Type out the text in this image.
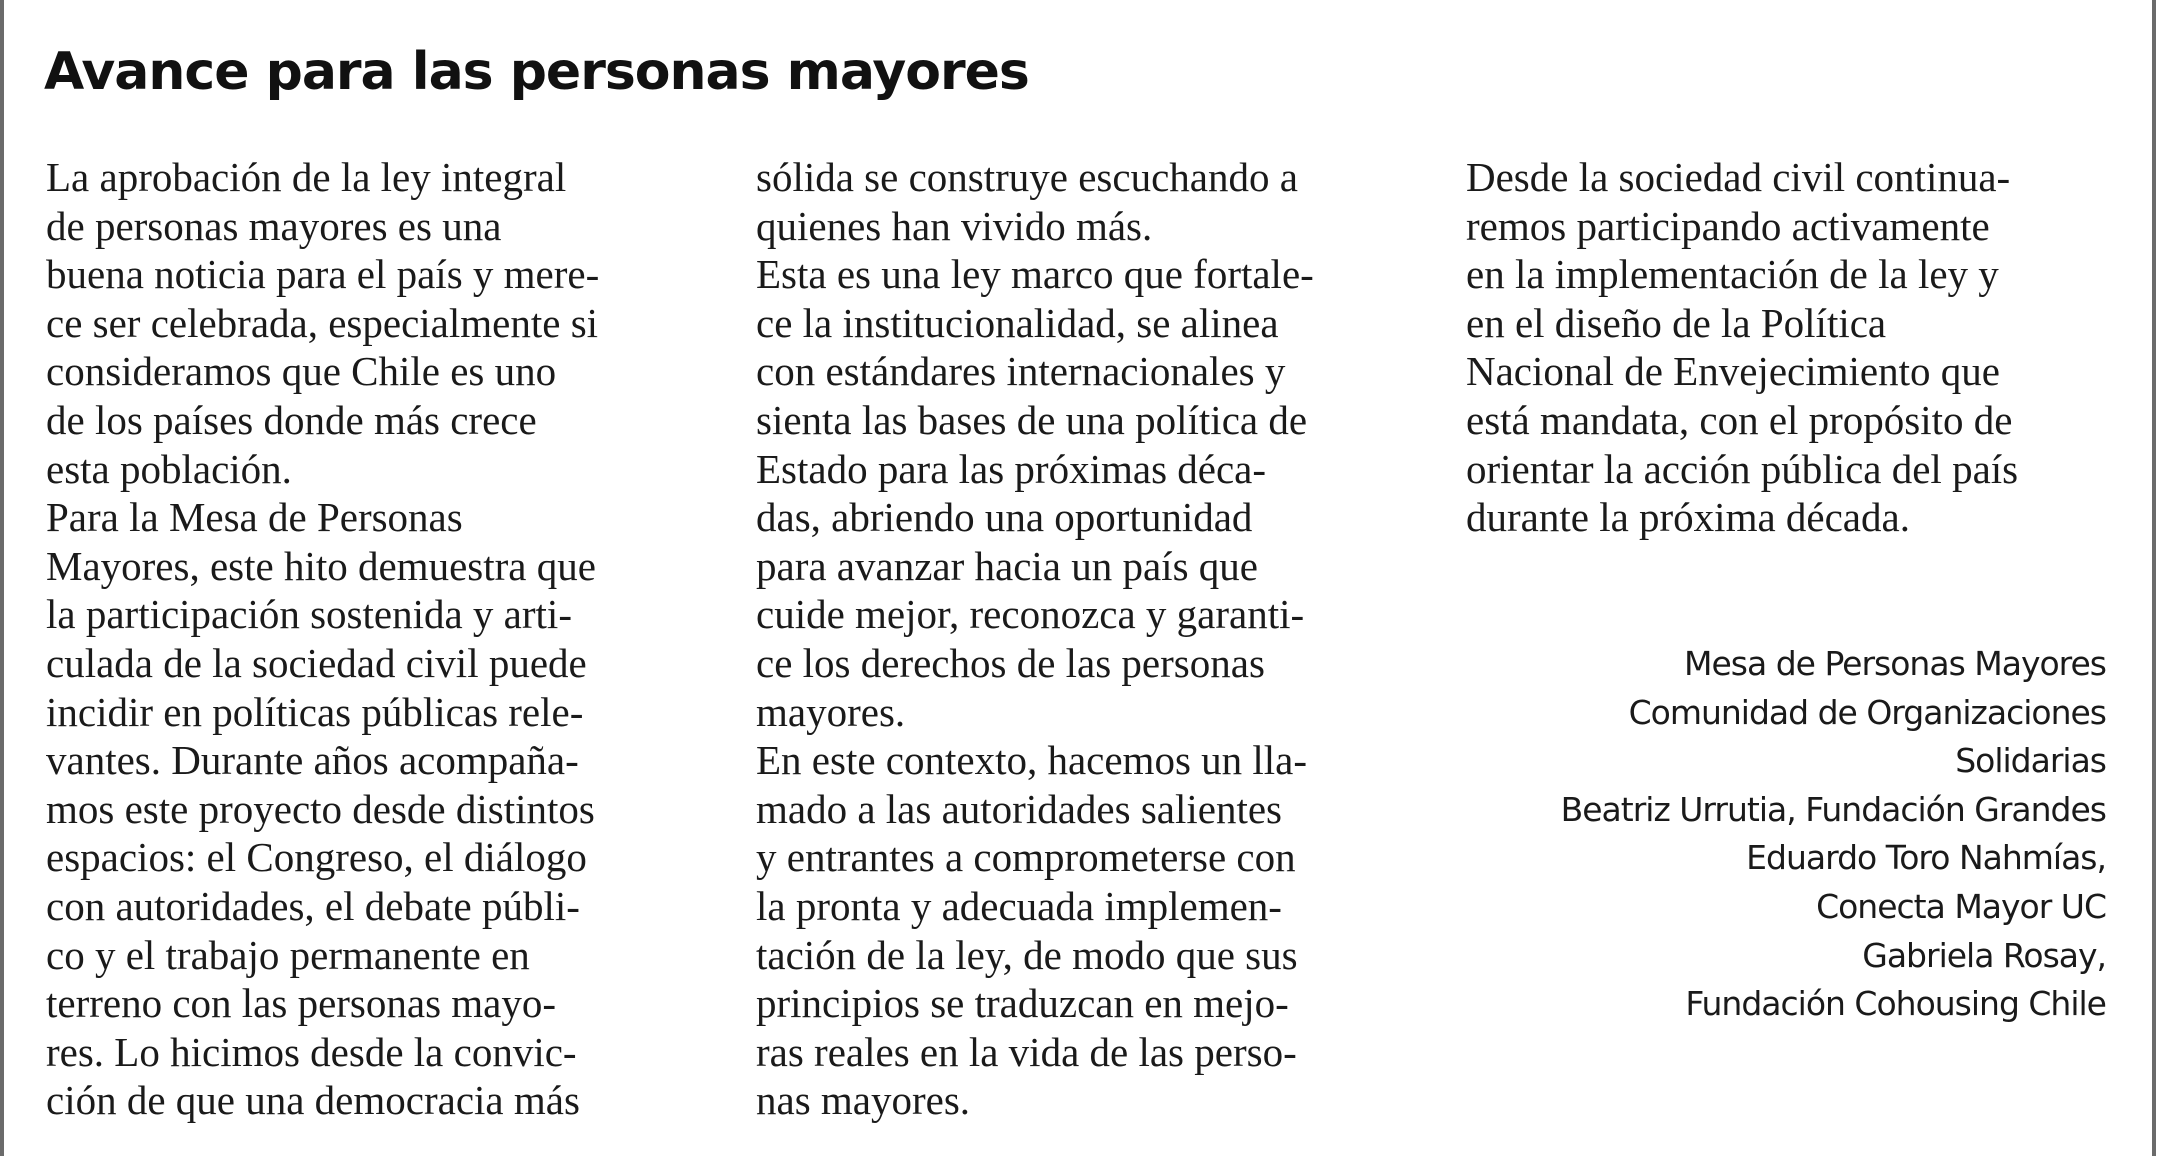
Avance para las personas mayores
La aprobación de la ley integral
de personas mayores es una
buena noticia para el país y mere-
ce ser celebrada, especialmente si
consideramos que Chile es uno
de los países donde más crece
esta población.
Para la Mesa de Personas
Mayores, este hito demuestra que
la participación sostenida y arti-
culada de la sociedad civil puede
incidir en políticas públicas rele-
vantes. Durante años acompaña-
mos este proyecto desde distintos
espacios: el Congreso, el diálogo
con autoridades, el debate públi-
co y el trabajo permanente en
terreno con las personas mayo-
res. Lo hicimos desde la convic-
ción de que una democracia más
sólida se construye escuchando a
quienes han vivido más.
Esta es una ley marco que fortale-
ce la institucionalidad, se alinea
con estándares internacionales y
sienta las bases de una política de
Estado para las próximas déca-
das, abriendo una oportunidad
para avanzar hacia un país que
cuide mejor, reconozca y garanti-
ce los derechos de las personas
mayores.
En este contexto, hacemos un lla-
mado a las autoridades salientes
y entrantes a comprometerse con
la pronta y adecuada implemen-
tación de la ley, de modo que sus
principios se traduzcan en mejo-
ras reales en la vida de las perso-
nas mayores.
Desde la sociedad civil continua-
remos participando activamente
en la implementación de la ley y
en el diseño de la Política
Nacional de Envejecimiento que
está mandata, con el propósito de
orientar la acción pública del país
durante la próxima década.
Mesa de Personas Mayores
Comunidad de Organizaciones
Solidarias
Beatriz Urrutia, Fundación Grandes
Eduardo Toro Nahmías,
Conecta Mayor UC
Gabriela Rosay,
Fundación Cohousing Chile
